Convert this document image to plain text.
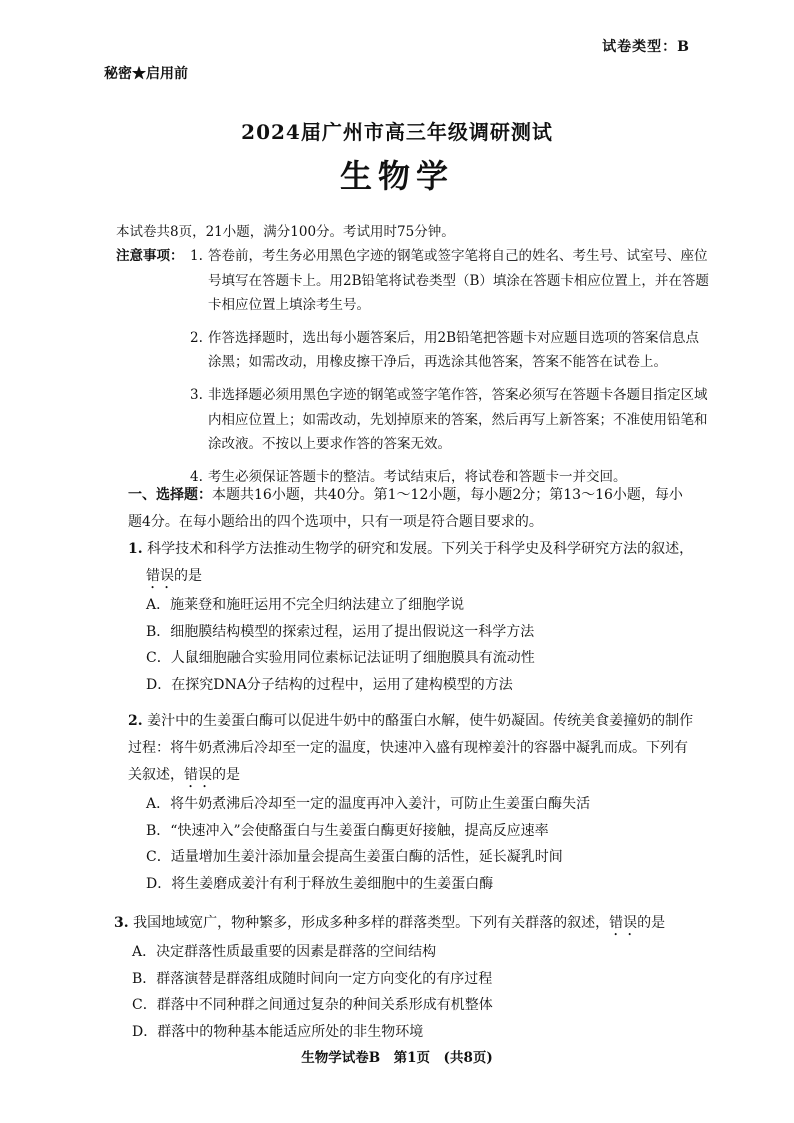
试卷类型：B
秘密★启用前
2024届广州市高三年级调研测试
生物学
本试卷共8页，21小题，满分100分。考试用时75分钟。
注意事项： 1. 答卷前，考生务必用黑色字迹的钢笔或签字笔将自己的姓名、考生号、试室号、座位号填写在答题卡上。用2B铅笔将试卷类型（B）填涂在答题卡相应位置上，并在答题卡相应位置上填涂考生号。
2. 作答选择题时，选出每小题答案后，用2B铅笔把答题卡对应题目选项的答案信息点涂黑；如需改动，用橡皮擦干净后，再选涂其他答案，答案不能答在试卷上。
3. 非选择题必须用黑色字迹的钢笔或签字笔作答，答案必须写在答题卡各题目指定区域内相应位置上；如需改动，先划掉原来的答案，然后再写上新答案；不准使用铅笔和涂改液。不按以上要求作答的答案无效。
4. 考生必须保证答题卡的整洁。考试结束后，将试卷和答题卡一并交回。
一、选择题：本题共16小题，共40分。第1～12小题，每小题2分；第13～16小题，每小题4分。在每小题给出的四个选项中，只有一项是符合题目要求的。
1. 科学技术和科学方法推动生物学的研究和发展。下列关于科学史及科学研究方法的叙述，
错误的是
A．施莱登和施旺运用不完全归纳法建立了细胞学说
B．细胞膜结构模型的探索过程，运用了提出假说这一科学方法
C．人鼠细胞融合实验用同位素标记法证明了细胞膜具有流动性
D．在探究DNA分子结构的过程中，运用了建构模型的方法
2. 姜汁中的生姜蛋白酶可以促进牛奶中的酪蛋白水解，使牛奶凝固。传统美食姜撞奶的制作过程：将牛奶煮沸后冷却至一定的温度，快速冲入盛有现榨姜汁的容器中凝乳而成。下列有关叙述，错误的是
A．将牛奶煮沸后冷却至一定的温度再冲入姜汁，可防止生姜蛋白酶失活
B．“快速冲入”会使酪蛋白与生姜蛋白酶更好接触，提高反应速率
C．适量增加生姜汁添加量会提高生姜蛋白酶的活性，延长凝乳时间
D．将生姜磨成姜汁有利于释放生姜细胞中的生姜蛋白酶
3. 我国地域宽广，物种繁多，形成多种多样的群落类型。下列有关群落的叙述，错误的是
A．决定群落性质最重要的因素是群落的空间结构
B．群落演替是群落组成随时间向一定方向变化的有序过程
C．群落中不同种群之间通过复杂的种间关系形成有机整体
D．群落中的物种基本能适应所处的非生物环境
生物学试卷B　第1页　(共8页)
